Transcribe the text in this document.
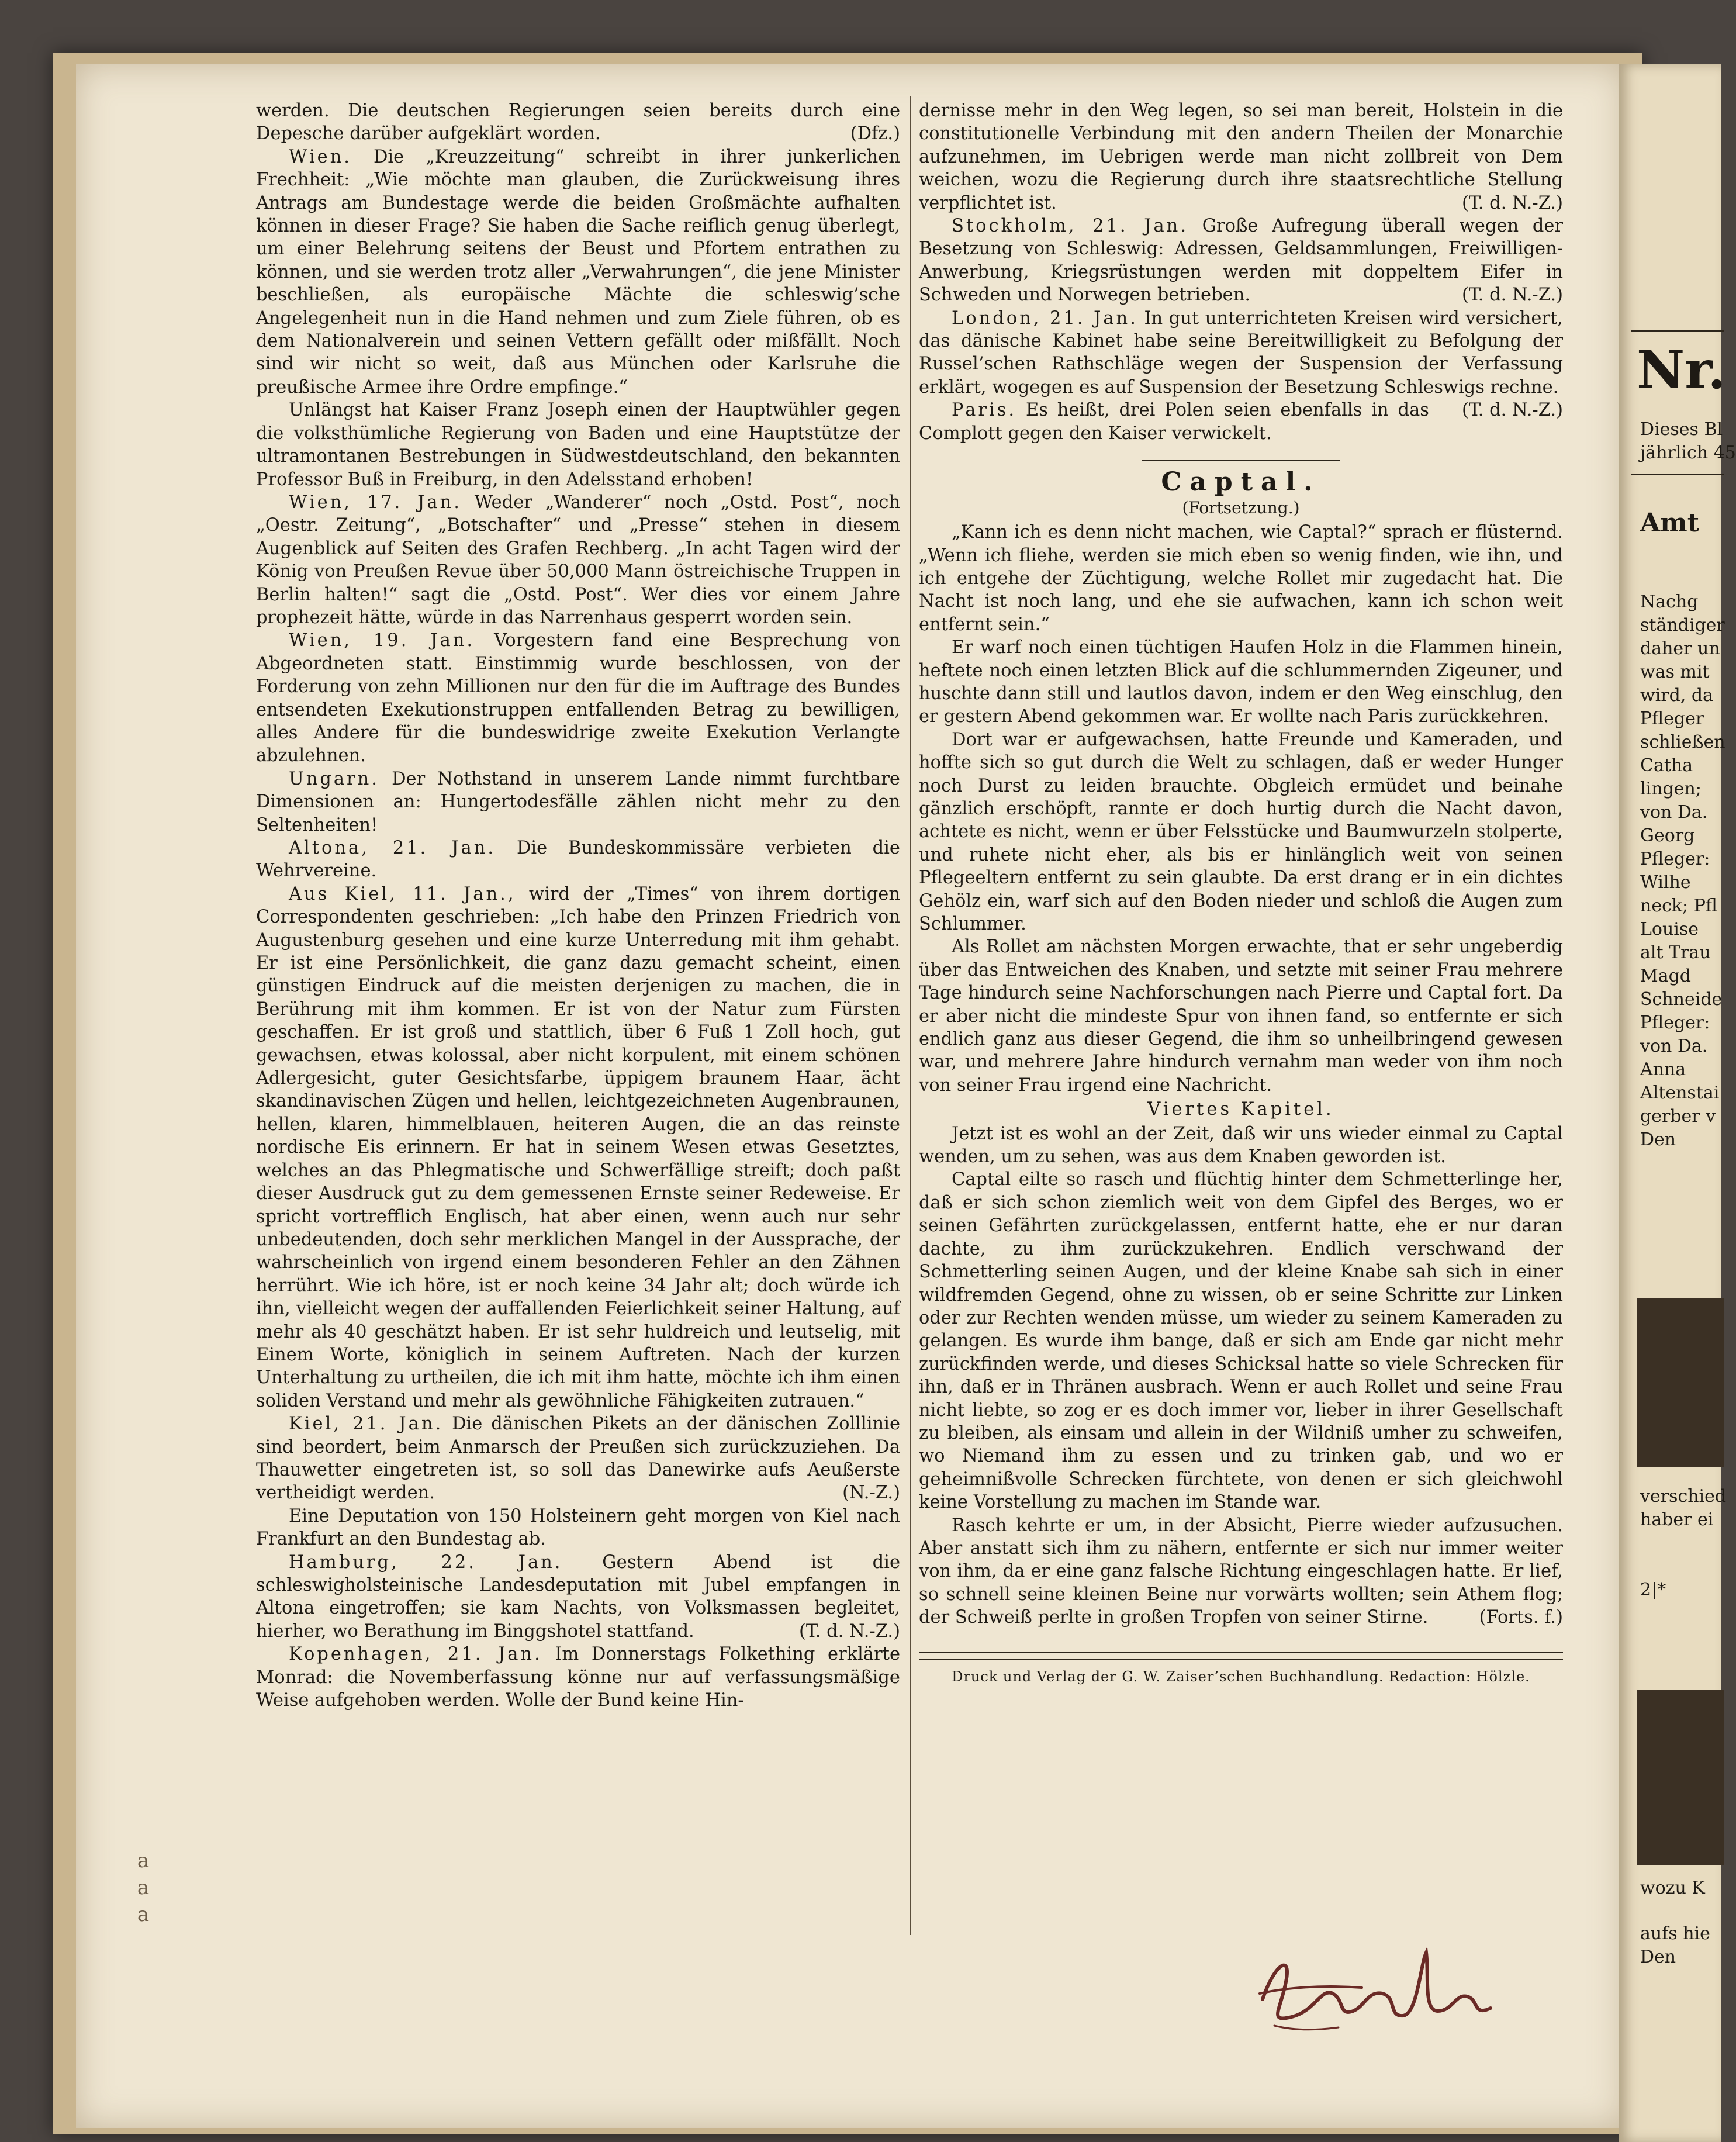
a
a
a

werden. Die deutschen Regierungen seien bereits durch eine Depesche darüber aufgeklärt worden.	(Dfz.)

Wien. Die „Kreuzzeitung“ schreibt in ihrer junkerlichen Frechheit: „Wie möchte man glauben, die Zurückweisung ihres Antrags am Bundestage werde die beiden Großmächte aufhalten können in dieser Frage? Sie haben die Sache reiflich genug überlegt, um einer Belehrung seitens der Beust und Pfortem entrathen zu können, und sie werden trotz aller „Verwahrungen“, die jene Minister beschließen, als europäische Mächte die schleswig’sche Angelegenheit nun in die Hand nehmen und zum Ziele führen, ob es dem Nationalverein und seinen Vettern gefällt oder mißfällt. Noch sind wir nicht so weit, daß aus München oder Karlsruhe die preußische Armee ihre Ordre empfinge.“

Unlängst hat Kaiser Franz Joseph einen der Hauptwühler gegen die volksthümliche Regierung von Baden und eine Hauptstütze der ultramontanen Bestrebungen in Südwestdeutschland, den bekannten Professor Buß in Freiburg, in den Adelsstand erhoben!

Wien, 17. Jan. Weder „Wanderer“ noch „Ostd. Post“, noch „Oestr. Zeitung“, „Botschafter“ und „Presse“ stehen in diesem Augenblick auf Seiten des Grafen Rechberg. „In acht Tagen wird der König von Preußen Revue über 50,000 Mann östreichische Truppen in Berlin halten!“ sagt die „Ostd. Post“. Wer dies vor einem Jahre prophezeit hätte, würde in das Narrenhaus gesperrt worden sein.

Wien, 19. Jan. Vorgestern fand eine Besprechung von Abgeordneten statt. Einstimmig wurde beschlossen, von der Forderung von zehn Millionen nur den für die im Auftrage des Bundes entsendeten Exekutionstruppen entfallenden Betrag zu bewilligen, alles Andere für die bundeswidrige zweite Exekution Verlangte abzulehnen.

Ungarn. Der Nothstand in unserem Lande nimmt furchtbare Dimensionen an: Hungertodesfälle zählen nicht mehr zu den Seltenheiten!

Altona, 21. Jan. Die Bundeskommissäre verbieten die Wehrvereine.

Aus Kiel, 11. Jan., wird der „Times“ von ihrem dortigen Correspondenten geschrieben: „Ich habe den Prinzen Friedrich von Augustenburg gesehen und eine kurze Unterredung mit ihm gehabt. Er ist eine Persönlichkeit, die ganz dazu gemacht scheint, einen günstigen Eindruck auf die meisten derjenigen zu machen, die in Berührung mit ihm kommen. Er ist von der Natur zum Fürsten geschaffen. Er ist groß und stattlich, über 6 Fuß 1 Zoll hoch, gut gewachsen, etwas kolossal, aber nicht korpulent, mit einem schönen Adlergesicht, guter Gesichtsfarbe, üppigem braunem Haar, ächt skandinavischen Zügen und hellen, leichtgezeichneten Augenbraunen, hellen, klaren, himmelblauen, heiteren Augen, die an das reinste nordische Eis erinnern. Er hat in seinem Wesen etwas Gesetztes, welches an das Phlegmatische und Schwerfällige streift; doch paßt dieser Ausdruck gut zu dem gemessenen Ernste seiner Redeweise. Er spricht vortrefflich Englisch, hat aber einen, wenn auch nur sehr unbedeutenden, doch sehr merklichen Mangel in der Aussprache, der wahrscheinlich von irgend einem besonderen Fehler an den Zähnen herrührt. Wie ich höre, ist er noch keine 34 Jahr alt; doch würde ich ihn, vielleicht wegen der auffallenden Feierlichkeit seiner Haltung, auf mehr als 40 geschätzt haben. Er ist sehr huldreich und leutselig, mit Einem Worte, königlich in seinem Auftreten. Nach der kurzen Unterhaltung zu urtheilen, die ich mit ihm hatte, möchte ich ihm einen soliden Verstand und mehr als gewöhnliche Fähigkeiten zutrauen.“

Kiel, 21. Jan. Die dänischen Pikets an der dänischen Zolllinie sind beordert, beim Anmarsch der Preußen sich zurückzuziehen. Da Thauwetter eingetreten ist, so soll das Danewirke aufs Aeußerste vertheidigt werden.	(N.-Z.)

Eine Deputation von 150 Holsteinern geht morgen von Kiel nach Frankfurt an den Bundestag ab.

Hamburg, 22. Jan. Gestern Abend ist die schleswigholsteinische Landesdeputation mit Jubel empfangen in Altona eingetroffen; sie kam Nachts, von Volksmassen begleitet, hierher, wo Berathung im Binggshotel stattfand.	(T. d. N.-Z.)

Kopenhagen, 21. Jan. Im Donnerstags Folkething erklärte Monrad: die Novemberfassung könne nur auf verfassungsmäßige Weise aufgehoben werden. Wolle der Bund keine Hin-

dernisse mehr in den Weg legen, so sei man bereit, Holstein in die constitutionelle Verbindung mit den andern Theilen der Monarchie aufzunehmen, im Uebrigen werde man nicht zollbreit von Dem weichen, wozu die Regierung durch ihre staatsrechtliche Stellung verpflichtet ist.	(T. d. N.-Z.)

Stockholm, 21. Jan. Große Aufregung überall wegen der Besetzung von Schleswig: Adressen, Geldsammlungen, Freiwilligen-Anwerbung, Kriegsrüstungen werden mit doppeltem Eifer in Schweden und Norwegen betrieben.	(T. d. N.-Z.)

London, 21. Jan. In gut unterrichteten Kreisen wird versichert, das dänische Kabinet habe seine Bereitwilligkeit zu Befolgung der Russel’schen Rathschläge wegen der Suspension der Verfassung erklärt, wogegen es auf Suspension der Besetzung Schleswigs rechne.
(T. d. N.-Z.)

Paris. Es heißt, drei Polen seien ebenfalls in das Complott gegen den Kaiser verwickelt.

Captal.
(Fortsetzung.)

„Kann ich es denn nicht machen, wie Captal?“ sprach er flüsternd. „Wenn ich fliehe, werden sie mich eben so wenig finden, wie ihn, und ich entgehe der Züchtigung, welche Rollet mir zugedacht hat. Die Nacht ist noch lang, und ehe sie aufwachen, kann ich schon weit entfernt sein.“

Er warf noch einen tüchtigen Haufen Holz in die Flammen hinein, heftete noch einen letzten Blick auf die schlummernden Zigeuner, und huschte dann still und lautlos davon, indem er den Weg einschlug, den er gestern Abend gekommen war. Er wollte nach Paris zurückkehren.

Dort war er aufgewachsen, hatte Freunde und Kameraden, und hoffte sich so gut durch die Welt zu schlagen, daß er weder Hunger noch Durst zu leiden brauchte. Obgleich ermüdet und beinahe gänzlich erschöpft, rannte er doch hurtig durch die Nacht davon, achtete es nicht, wenn er über Felsstücke und Baumwurzeln stolperte, und ruhete nicht eher, als bis er hinlänglich weit von seinen Pflegeeltern entfernt zu sein glaubte. Da erst drang er in ein dichtes Gehölz ein, warf sich auf den Boden nieder und schloß die Augen zum Schlummer.

Als Rollet am nächsten Morgen erwachte, that er sehr ungeberdig über das Entweichen des Knaben, und setzte mit seiner Frau mehrere Tage hindurch seine Nachforschungen nach Pierre und Captal fort. Da er aber nicht die mindeste Spur von ihnen fand, so entfernte er sich endlich ganz aus dieser Gegend, die ihm so unheilbringend gewesen war, und mehrere Jahre hindurch vernahm man weder von ihm noch von seiner Frau irgend eine Nachricht.

Viertes Kapitel.

Jetzt ist es wohl an der Zeit, daß wir uns wieder einmal zu Captal wenden, um zu sehen, was aus dem Knaben geworden ist.

Captal eilte so rasch und flüchtig hinter dem Schmetterlinge her, daß er sich schon ziemlich weit von dem Gipfel des Berges, wo er seinen Gefährten zurückgelassen, entfernt hatte, ehe er nur daran dachte, zu ihm zurückzukehren. Endlich verschwand der Schmetterling seinen Augen, und der kleine Knabe sah sich in einer wildfremden Gegend, ohne zu wissen, ob er seine Schritte zur Linken oder zur Rechten wenden müsse, um wieder zu seinem Kameraden zu gelangen. Es wurde ihm bange, daß er sich am Ende gar nicht mehr zurückfinden werde, und dieses Schicksal hatte so viele Schrecken für ihn, daß er in Thränen ausbrach. Wenn er auch Rollet und seine Frau nicht liebte, so zog er es doch immer vor, lieber in ihrer Gesellschaft zu bleiben, als einsam und allein in der Wildniß umher zu schweifen, wo Niemand ihm zu essen und zu trinken gab, und wo er geheimnißvolle Schrecken fürchtete, von denen er sich gleichwohl keine Vorstellung zu machen im Stande war.

Rasch kehrte er um, in der Absicht, Pierre wieder aufzusuchen. Aber anstatt sich ihm zu nähern, entfernte er sich nur immer weiter von ihm, da er eine ganz falsche Richtung eingeschlagen hatte. Er lief, so schnell seine kleinen Beine nur vorwärts wollten; sein Athem flog; der Schweiß perlte in großen Tropfen von seiner Stirne.	(Forts. f.)

Druck und Verlag der G. W. Zaiser’schen Buchhandlung. Redaction: Hölzle.
Nr.
Dieses Bl
jährlich 45
Amt
Nachg
ständiger
daher un
was mit
wird, da
Pfleger
schließen
Catha
lingen;
von Da.
Georg
Pfleger:
Wilhe
neck; Pfl
Louise
alt Trau
Magd
Schneide
Pfleger:
von Da.
Anna
Altenstai
gerber v
Den
verschied
haber ei
2|*
wozu K
aufs hie
Den
